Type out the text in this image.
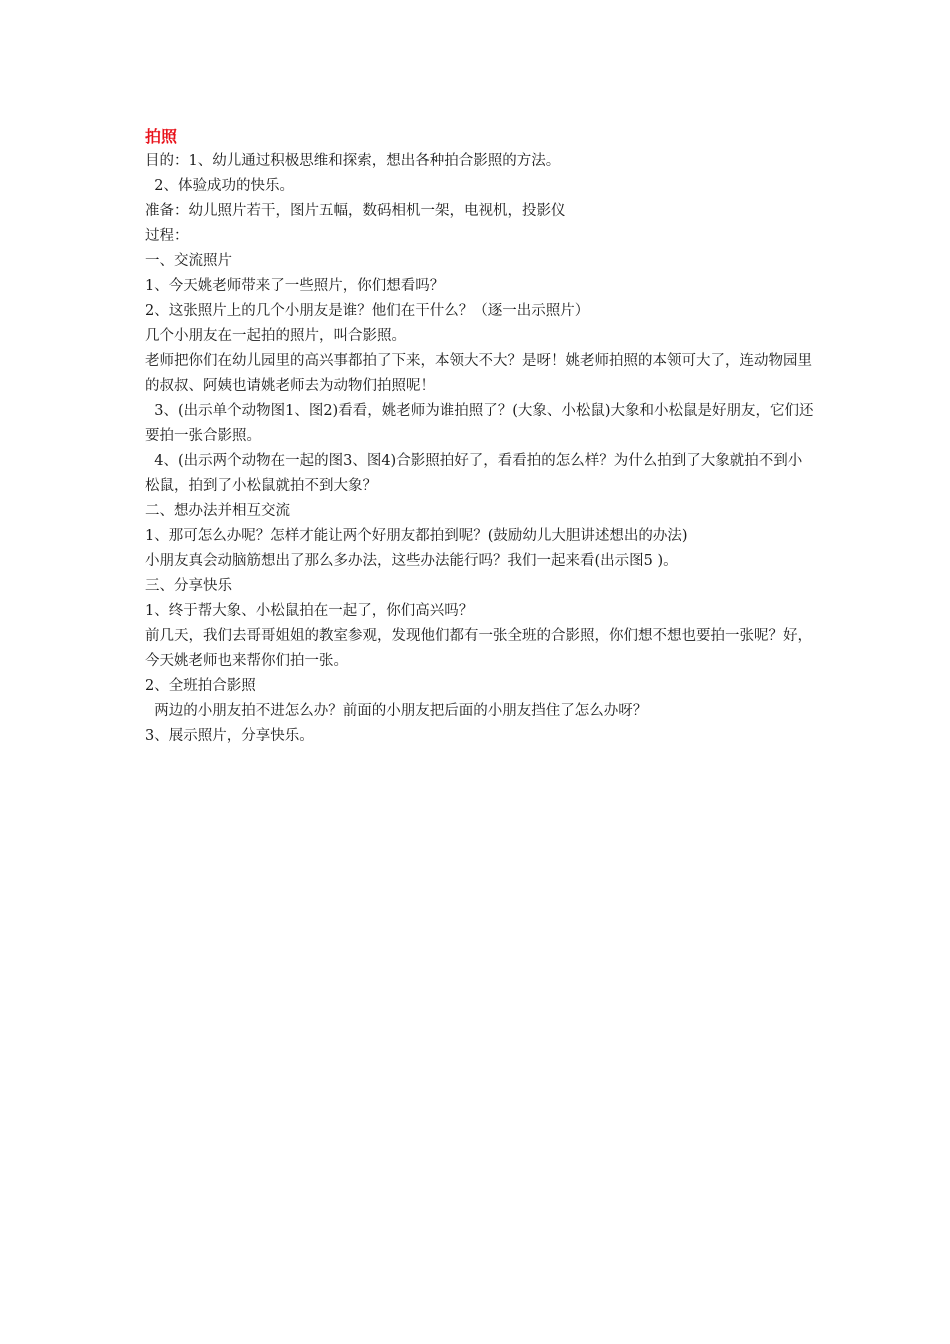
拍照
目的：1、幼儿通过积极思维和探索，想出各种拍合影照的方法。
2、体验成功的快乐。
准备：幼儿照片若干，图片五幅，数码相机一架，电视机，投影仪
过程：
一、交流照片
1、今天姚老师带来了一些照片，你们想看吗？
2、这张照片上的几个小朋友是谁？他们在干什么？（逐一出示照片）
几个小朋友在一起拍的照片，叫合影照。
老师把你们在幼儿园里的高兴事都拍了下来，本领大不大？是呀！姚老师拍照的本领可大了，连动物园里的叔叔、阿姨也请姚老师去为动物们拍照呢！
3、(出示单个动物图1、图2)看看，姚老师为谁拍照了？(大象、小松鼠)大象和小松鼠是好朋友，它们还要拍一张合影照。
4、(出示两个动物在一起的图3、图4)合影照拍好了，看看拍的怎么样？为什么拍到了大象就拍不到小松鼠，拍到了小松鼠就拍不到大象？
二、想办法并相互交流
1、那可怎么办呢？怎样才能让两个好朋友都拍到呢？(鼓励幼儿大胆讲述想出的办法)
小朋友真会动脑筋想出了那么多办法，这些办法能行吗？我们一起来看(出示图5 )。
三、分享快乐
1、终于帮大象、小松鼠拍在一起了，你们高兴吗？
前几天，我们去哥哥姐姐的教室参观，发现他们都有一张全班的合影照，你们想不想也要拍一张呢？好，今天姚老师也来帮你们拍一张。
2、全班拍合影照
两边的小朋友拍不进怎么办？前面的小朋友把后面的小朋友挡住了怎么办呀？
3、展示照片，分享快乐。
